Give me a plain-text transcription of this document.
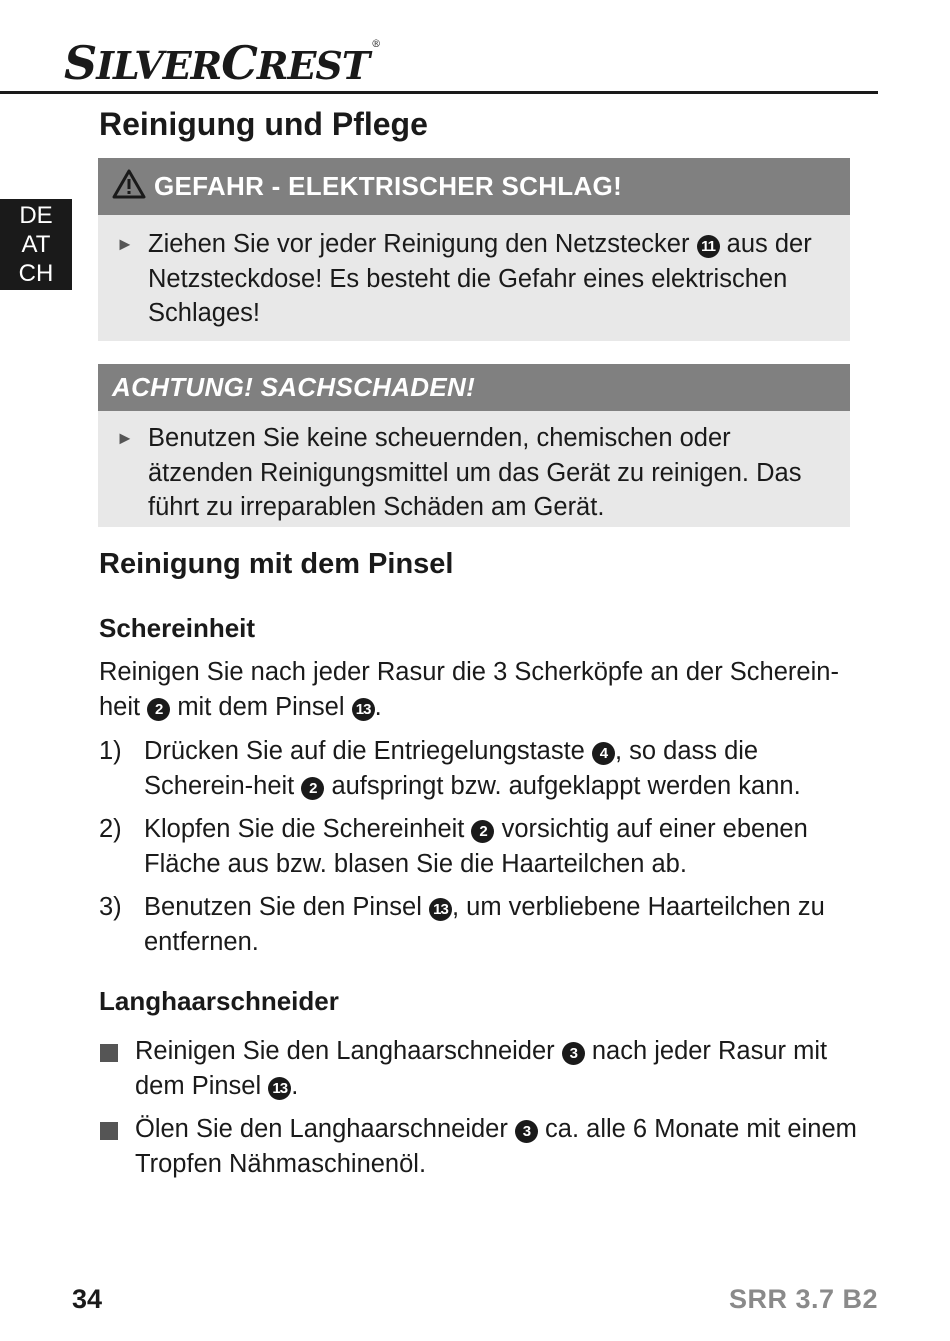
SILVERCREST ®
DE
AT
CH
Reinigung und Pflege
GEFAHR - ELEKTRISCHER SCHLAG!
► Ziehen Sie vor jeder Reinigung den Netzstecker 11 aus der Netzsteckdose! Es besteht die Gefahr eines elektrischen Schlages!
ACHTUNG! SACHSCHADEN!
► Benutzen Sie keine scheuernden, chemischen oder ätzenden Reinigungsmittel um das Gerät zu reinigen. Das führt zu irreparablen Schäden am Gerät.
Reinigung mit dem Pinsel
Schereinheit

Reinigen Sie nach jeder Rasur die 3 Scherköpfe an der Scherein-heit 2 mit dem Pinsel 13 .

1) Drücken Sie auf die Entriegelungstaste 4 , so dass die Scherein-heit 2 aufspringt bzw. aufgeklappt werden kann.
2) Klopfen Sie die Schereinheit 2 vorsichtig auf einer ebenen Fläche aus bzw. blasen Sie die Haarteilchen ab.
3) Benutzen Sie den Pinsel 13 , um verbliebene Haarteilchen zu entfernen.
Langhaarschneider
Reinigen Sie den Langhaarschneider 3 nach jeder Rasur mit dem Pinsel 13 .
Ölen Sie den Langhaarschneider 3 ca. alle 6 Monate mit einem Tropfen Nähmaschinenöl.
34	SRR 3.7 B2
